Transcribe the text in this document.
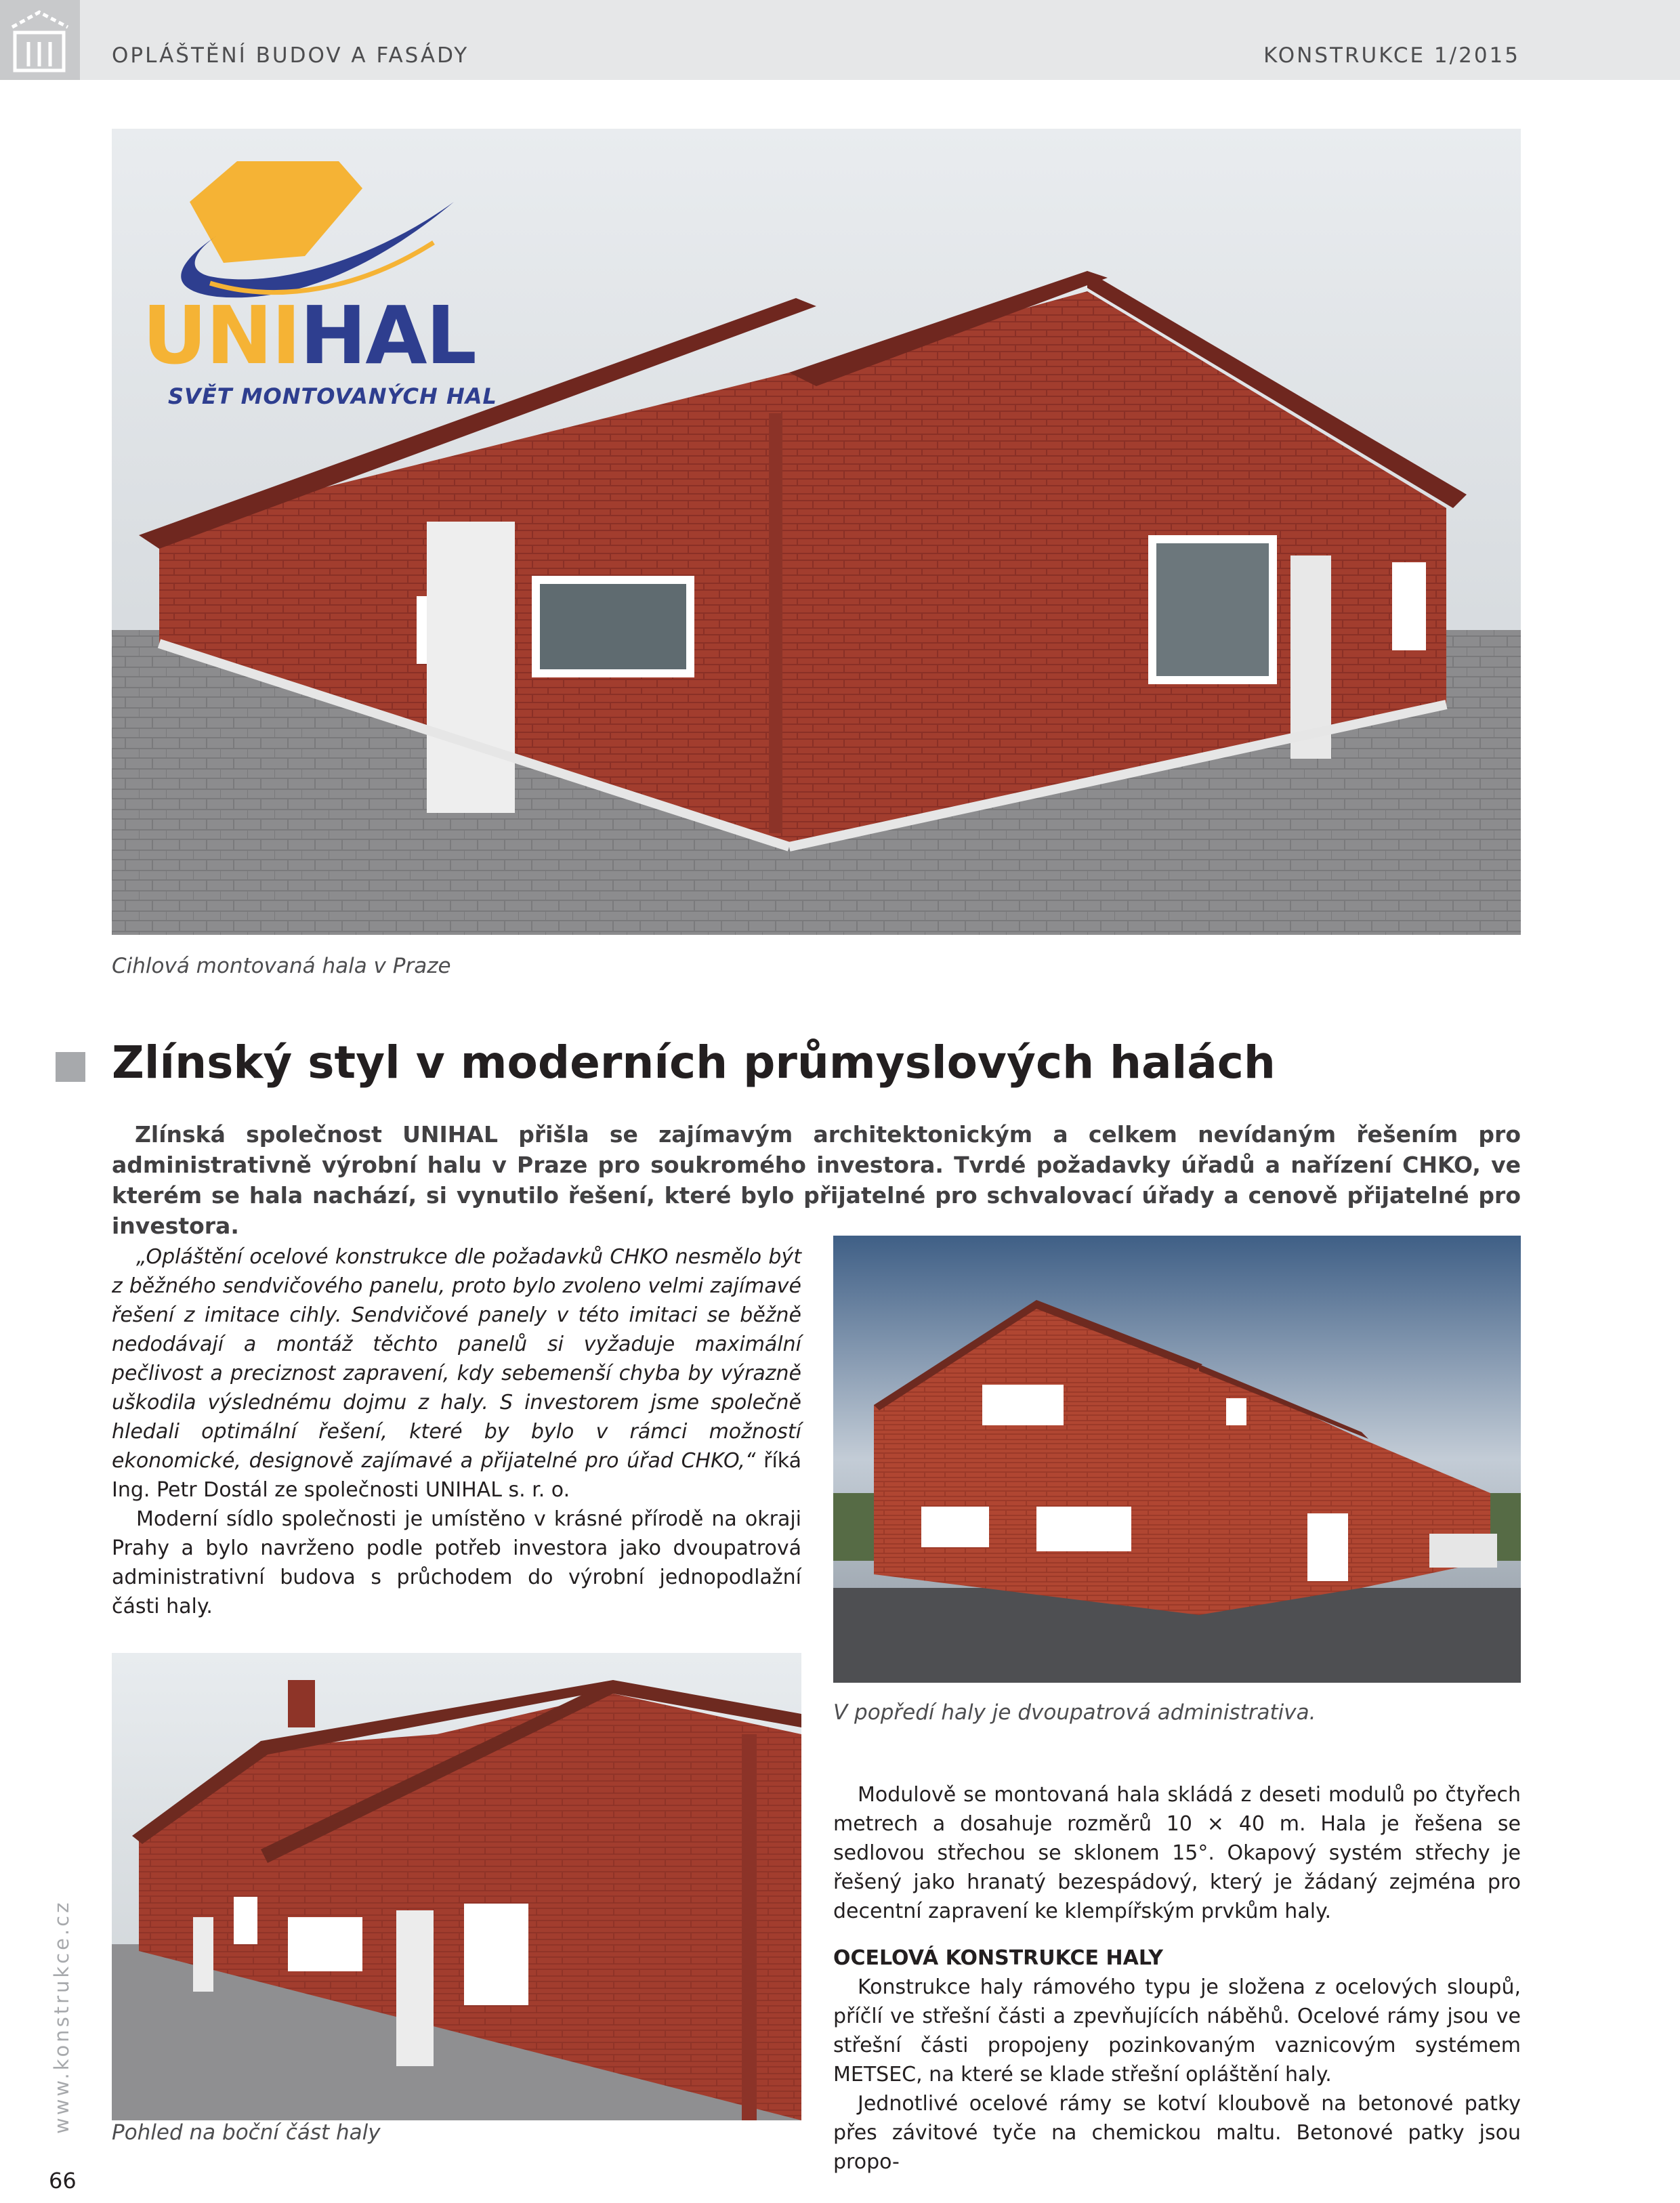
OPLÁŠTĚNÍ BUDOV A FASÁDY	KONSTRUKCE 1/2015
UNIHAL
SVĚT MONTOVANÝCH HAL
Cihlová montovaná hala v Praze
Zlínský styl v moderních průmyslových halách

Zlínská společnost UNIHAL přišla se zajímavým architektonickým a celkem nevídaným řešením pro administrativně výrobní halu v Praze pro soukromého investora. Tvrdé požadavky úřadů a nařízení CHKO, ve kterém se hala nachází, si vynutilo řešení, které bylo přijatelné pro schvalovací úřady a cenově přijatelné pro investora.

„Opláštění ocelové konstrukce dle požadavků CHKO nesmělo být z běžného sendvičového panelu, proto bylo zvoleno velmi zajímavé řešení z imitace cihly. Sendvičové panely v této imitaci se běžně nedodávají a montáž těchto panelů si vyžaduje maximální pečlivost a preciznost zapravení, kdy sebemenší chyba by výrazně uškodila výslednému dojmu z haly. S investorem jsme společně hledali optimální řešení, které by bylo v rámci možností ekonomické, designově zajímavé a přijatelné pro úřad CHKO,“ říká Ing. Petr Dostál ze společnosti UNIHAL s. r. o.

Moderní sídlo společnosti je umístěno v krásné přírodě na okraji Prahy a bylo navrženo podle potřeb investora jako dvoupatrová administrativní budova s průchodem do výrobní jednopodlažní části haly.

V popředí haly je dvoupatrová administrativa.
Pohled na boční část haly

Modulově se montovaná hala skládá z deseti modulů po čtyřech metrech a dosahuje rozměrů 10 × 40 m. Hala je řešena se sedlovou střechou se sklonem 15°. Okapový systém střechy je řešený jako hranatý bezespádový, který je žádaný zejména pro decentní zapravení ke klempířským prvkům haly.

OCELOVÁ KONSTRUKCE HALY

Konstrukce haly rámového typu je složena z ocelových sloupů, příčlí ve střešní části a zpevňujících náběhů. Ocelové rámy jsou ve střešní části propojeny pozinkovaným vaznicovým systémem METSEC, na které se klade střešní opláštění haly.

Jednotlivé ocelové rámy se kotví kloubově na betonové patky přes závitové tyče na chemickou maltu. Betonové patky jsou propo-

www.konstrukce.cz
66
